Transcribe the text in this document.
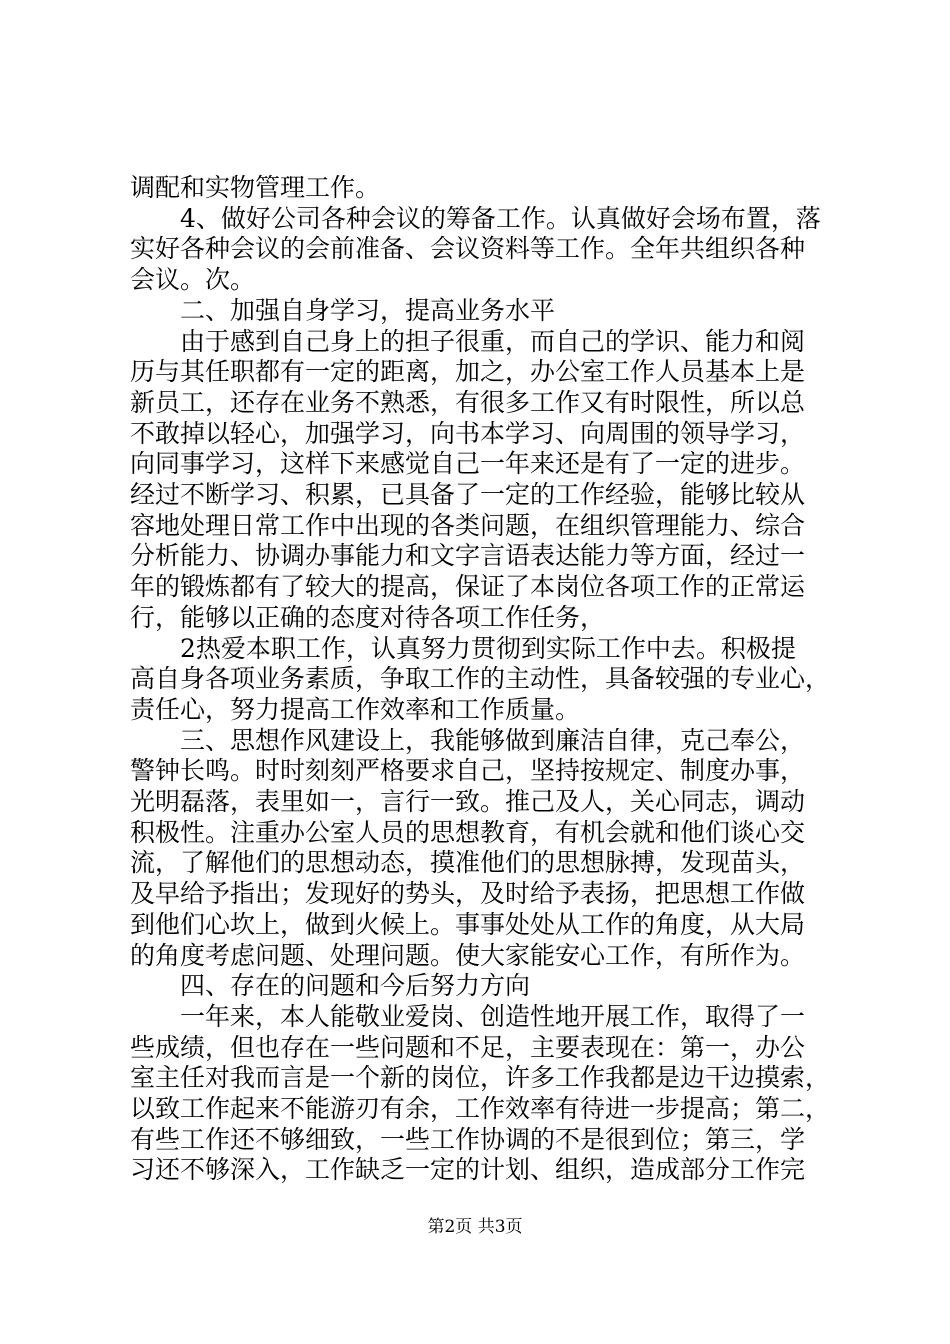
调配和实物管理工作。
　　4、做好公司各种会议的筹备工作。认真做好会场布置，落
实好各种会议的会前准备、会议资料等工作。全年共组织各种
会议。次。
　　二、加强自身学习，提高业务水平
　　由于感到自己身上的担子很重，而自己的学识、能力和阅
历与其任职都有一定的距离，加之，办公室工作人员基本上是
新员工，还存在业务不熟悉，有很多工作又有时限性，所以总
不敢掉以轻心，加强学习，向书本学习、向周围的领导学习，
向同事学习，这样下来感觉自己一年来还是有了一定的进步。
经过不断学习、积累，已具备了一定的工作经验，能够比较从
容地处理日常工作中出现的各类问题，在组织管理能力、综合
分析能力、协调办事能力和文字言语表达能力等方面，经过一
年的锻炼都有了较大的提高，保证了本岗位各项工作的正常运
行，能够以正确的态度对待各项工作任务，
　　2热爱本职工作，认真努力贯彻到实际工作中去。积极提
高自身各项业务素质，争取工作的主动性，具备较强的专业心，
责任心，努力提高工作效率和工作质量。
　　三、思想作风建设上，我能够做到廉洁自律，克己奉公，
警钟长鸣。时时刻刻严格要求自己，坚持按规定、制度办事，
光明磊落，表里如一，言行一致。推己及人，关心同志，调动
积极性。注重办公室人员的思想教育，有机会就和他们谈心交
流，了解他们的思想动态，摸准他们的思想脉搏，发现苗头，
及早给予指出；发现好的势头，及时给予表扬，把思想工作做
到他们心坎上，做到火候上。事事处处从工作的角度，从大局
的角度考虑问题、处理问题。使大家能安心工作，有所作为。
　　四、存在的问题和今后努力方向
　　一年来，本人能敬业爱岗、创造性地开展工作，取得了一
些成绩，但也存在一些问题和不足，主要表现在：第一，办公
室主任对我而言是一个新的岗位，许多工作我都是边干边摸索，
以致工作起来不能游刃有余，工作效率有待进一步提高；第二，
有些工作还不够细致，一些工作协调的不是很到位；第三，学
习还不够深入，工作缺乏一定的计划、组织，造成部分工作完
第2页 共3页
